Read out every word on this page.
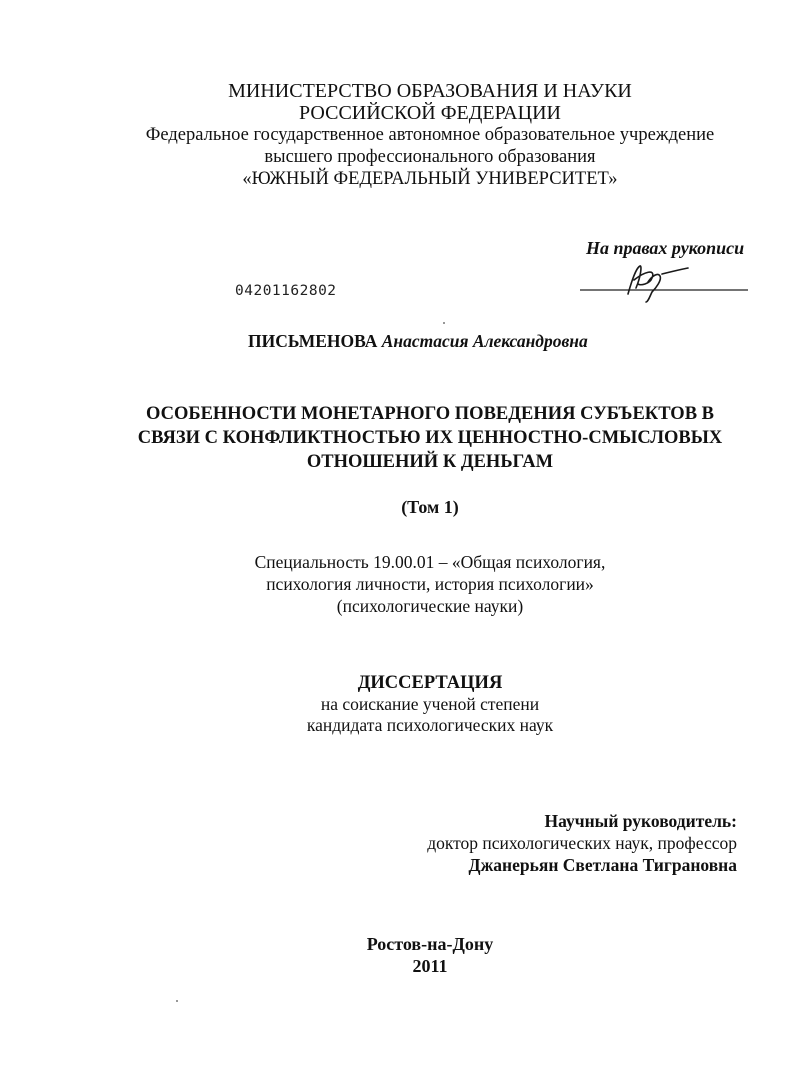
МИНИСТЕРСТВО ОБРАЗОВАНИЯ И НАУКИ
РОССИЙСКОЙ ФЕДЕРАЦИИ
Федеральное государственное автономное образовательное учреждение
высшего профессионального образования
«ЮЖНЫЙ ФЕДЕРАЛЬНЫЙ УНИВЕРСИТЕТ»
На правах рукописи
04201162802
ПИСЬМЕНОВА Анастасия Александровна
ОСОБЕННОСТИ МОНЕТАРНОГО ПОВЕДЕНИЯ СУБЪЕКТОВ В
СВЯЗИ С КОНФЛИКТНОСТЬЮ ИХ ЦЕННОСТНО-СМЫСЛОВЫХ
ОТНОШЕНИЙ К ДЕНЬГАМ
(Том 1)
Специальность 19.00.01 – «Общая психология,
психология личности, история психологии»
(психологические науки)
ДИССЕРТАЦИЯ
на соискание ученой степени
кандидата психологических наук
Научный руководитель:
доктор психологических наук, профессор
Джанерьян Светлана Тиграновна
Ростов-на-Дону
2011
